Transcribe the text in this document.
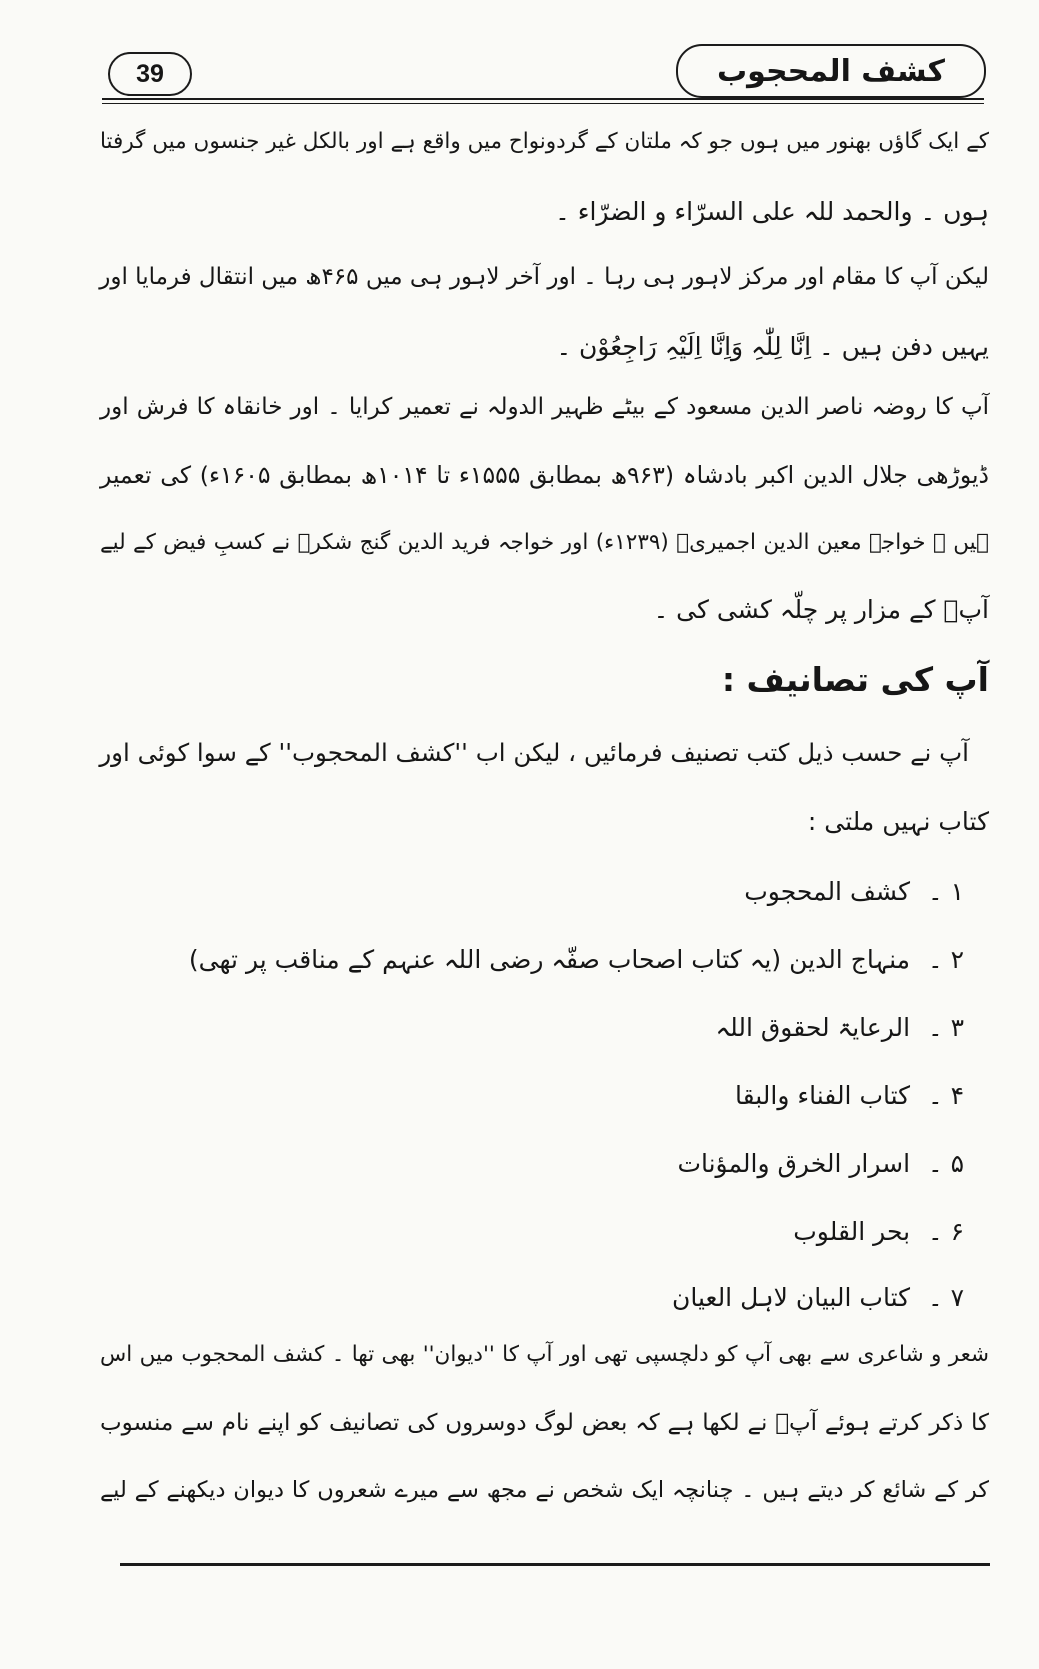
39	کشف المحجوب
کے ایک گاؤں بھنور میں ہوں جو کہ ملتان کے گردونواح میں واقع ہے اور بالکل غیر جنسوں میں گرفتا
ہوں ۔ والحمد للہ علی السرّاء و الضرّاء ۔
لیکن آپ کا مقام اور مرکز لاہور ہی رہا ۔ اور آخر لاہور ہی میں ۴۶۵ھ میں انتقال فرمایا اور
یہیں دفن ہیں ۔ اِنَّا لِلّٰہِ وَاِنَّا اِلَیْہِ رَاجِعُوْن ۔
آپ کا روضہ ناصر الدین مسعود کے بیٹے ظہیر الدولہ نے تعمیر کرایا ۔ اور خانقاہ کا فرش اور
ڈیوڑھی جلال الدین اکبر بادشاہ (۹۶۳ھ بمطابق ۱۵۵۵ء تا ۱۰۱۴ھ بمطابق ۱۶۰۵ء) کی تعمیر
ہیں ۔ خواجہ معین الدین اجمیریؒ (۱۲۳۹ء) اور خواجہ فرید الدین گنج شکرؒ نے کسبِ فیض کے لیے
آپؒ کے مزار پر چلّہ کشی کی ۔
آپ کی تصانیف :
آپ نے حسب ذیل کتب تصنیف فرمائیں ، لیکن اب ''کشف المحجوب'' کے سوا کوئی اور
کتاب نہیں ملتی :
۱ ۔ کشف المحجوب
۲ ۔ منہاج الدین (یہ کتاب اصحاب صفّہ رضی اللہ عنہم کے مناقب پر تھی)
۳ ۔ الرعایۃ لحقوق اللہ
۴ ۔ کتاب الفناء والبقا
۵ ۔ اسرار الخرق والمؤنات
۶ ۔ بحر القلوب
۷ ۔ کتاب البیان لاہل العیان
شعر و شاعری سے بھی آپ کو دلچسپی تھی اور آپ کا ''دیوان'' بھی تھا ۔ کشف المحجوب میں اس
کا ذکر کرتے ہوئے آپؒ نے لکھا ہے کہ بعض لوگ دوسروں کی تصانیف کو اپنے نام سے منسوب
کر کے شائع کر دیتے ہیں ۔ چنانچہ ایک شخص نے مجھ سے میرے شعروں کا دیوان دیکھنے کے لیے
